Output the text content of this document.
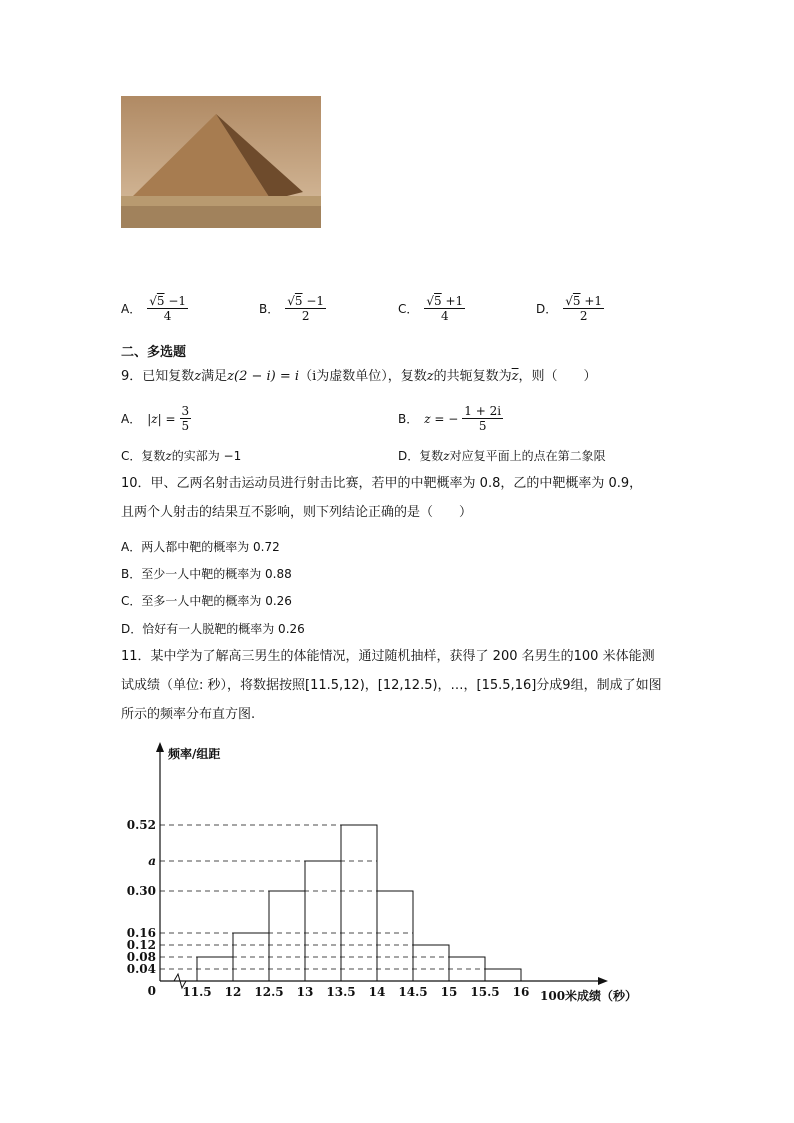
A． $\frac{√5 -1}{4}$	B． $\frac{√5 -1}{2}$	C． $\frac{√5 +1}{4}$	D． $\frac{√5 +1}{2}$
二、多选题
9．已知复数z满足z(2 − i) = i（i为虚数单位），复数z的共轭复数为$\overline{z}$，则（　　）
A． $|z| = \frac{3}{5}$	B． z = − $\frac{1 + 2i}{5}$
C．复数z的实部为 −1	D．复数z对应复平面上的点在第二象限
10．甲、乙两名射击运动员进行射击比赛，若甲的中靶概率为 0.8，乙的中靶概率为 0.9，
且两个人射击的结果互不影响，则下列结论正确的是（　　）
A．两人都中靶的概率为 0.72
B．至少一人中靶的概率为 0.88
C．至多一人中靶的概率为 0.26
D．恰好有一人脱靶的概率为 0.26
11．某中学为了解高三男生的体能情况，通过随机抽样，获得了 200 名男生的100 米体能测
试成绩（单位: 秒），将数据按照[11.5,12)，[12,12.5)，…，[15.5,16]分成9组，制成了如图
所示的频率分布直方图.
频率/组距
100米成绩（秒）
0
0.52
a
0.30
0.16
0.12
0.08
0.04
11.5 12 12.5 13 13.5 14 14.5 15 15.5 16
